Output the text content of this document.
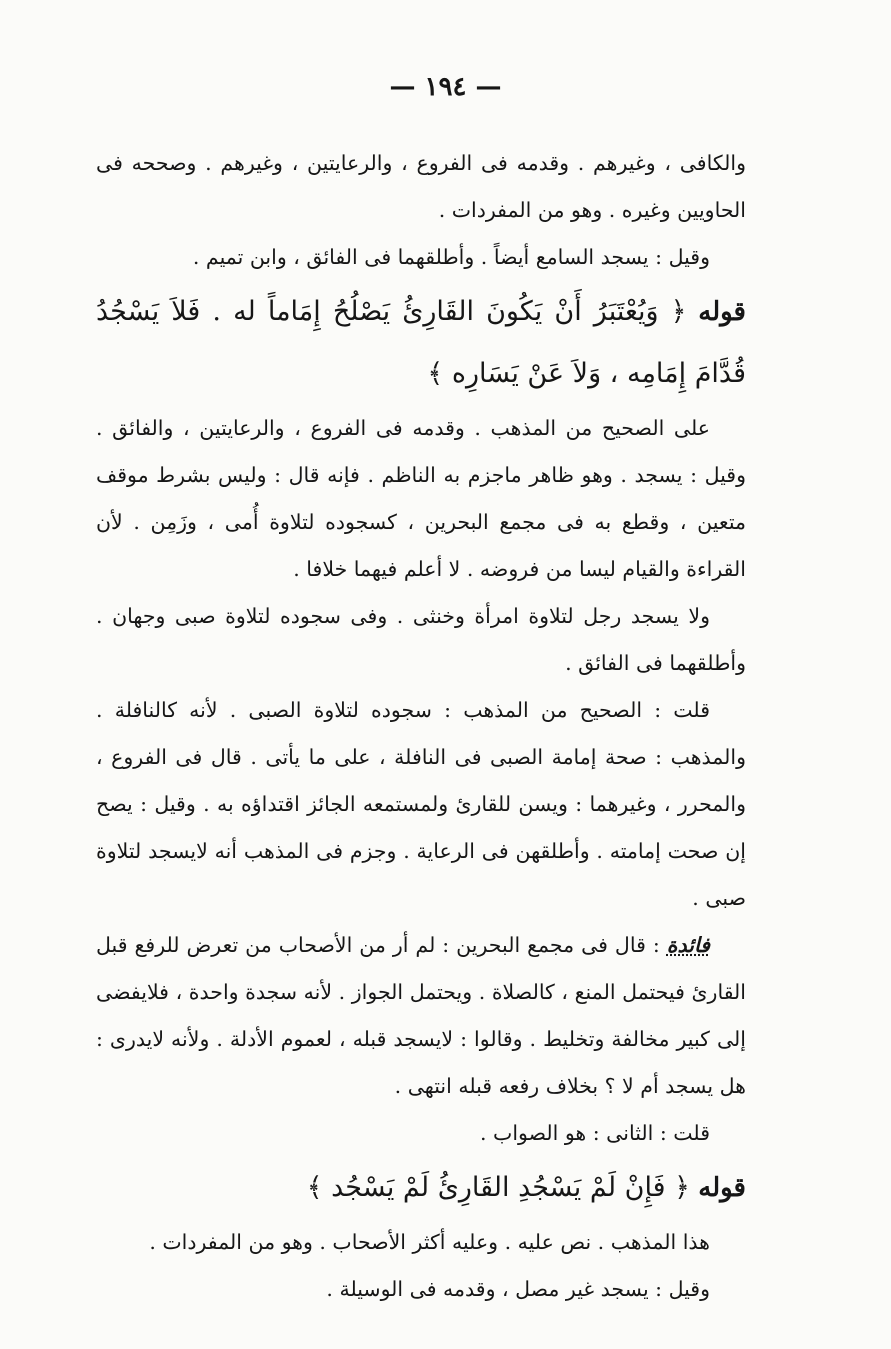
— ١٩٤ —

والكافى ، وغيرهم . وقدمه فى الفروع ، والرعايتين ، وغيرهم . وصححه فى الحاويين وغيره . وهو من المفردات .

وقيل : يسجد السامع أيضاً . وأطلقهما فى الفائق ، وابن تميم .

قوله ﴿ وَيُعْتَبَرُ أَنْ يَكُونَ القَارِئُ يَصْلُحُ إِمَاماً له . فَلاَ يَسْجُدُ قُدَّامَ إِمَامِه ، وَلاَ عَنْ يَسَارِه ﴾

على الصحيح من المذهب . وقدمه فى الفروع ، والرعايتين ، والفائق . وقيل : يسجد . وهو ظاهر ماجزم به الناظم . فإنه قال : وليس بشرط موقف متعين ، وقطع به فى مجمع البحرين ، كسجوده لتلاوة أُمى ، وزَمِن . لأن القراءة والقيام ليسا من فروضه . لا أعلم فيهما خلافا .

ولا يسجد رجل لتلاوة امرأة وخنثى . وفى سجوده لتلاوة صبى وجهان . وأطلقهما فى الفائق .

قلت : الصحيح من المذهب : سجوده لتلاوة الصبى . لأنه كالنافلة . والمذهب : صحة إمامة الصبى فى النافلة ، على ما يأتى . قال فى الفروع ، والمحرر ، وغيرهما : ويسن للقارئ ولمستمعه الجائز اقتداؤه به . وقيل : يصح إن صحت إمامته . وأطلقهن فى الرعاية . وجزم فى المذهب أنه لايسجد لتلاوة صبى .

فائدة : قال فى مجمع البحرين : لم أر من الأصحاب من تعرض للرفع قبل القارئ فيحتمل المنع ، كالصلاة . ويحتمل الجواز . لأنه سجدة واحدة ، فلايفضى إلى كبير مخالفة وتخليط . وقالوا : لايسجد قبله ، لعموم الأدلة . ولأنه لايدرى : هل يسجد أم لا ؟ بخلاف رفعه قبله انتهى .

قلت : الثانى : هو الصواب .

قوله ﴿ فَإِنْ لَمْ يَسْجُدِ القَارِئُ لَمْ يَسْجُد ﴾

هذا المذهب . نص عليه . وعليه أكثر الأصحاب . وهو من المفردات .

وقيل : يسجد غير مصل ، وقدمه فى الوسيلة .
